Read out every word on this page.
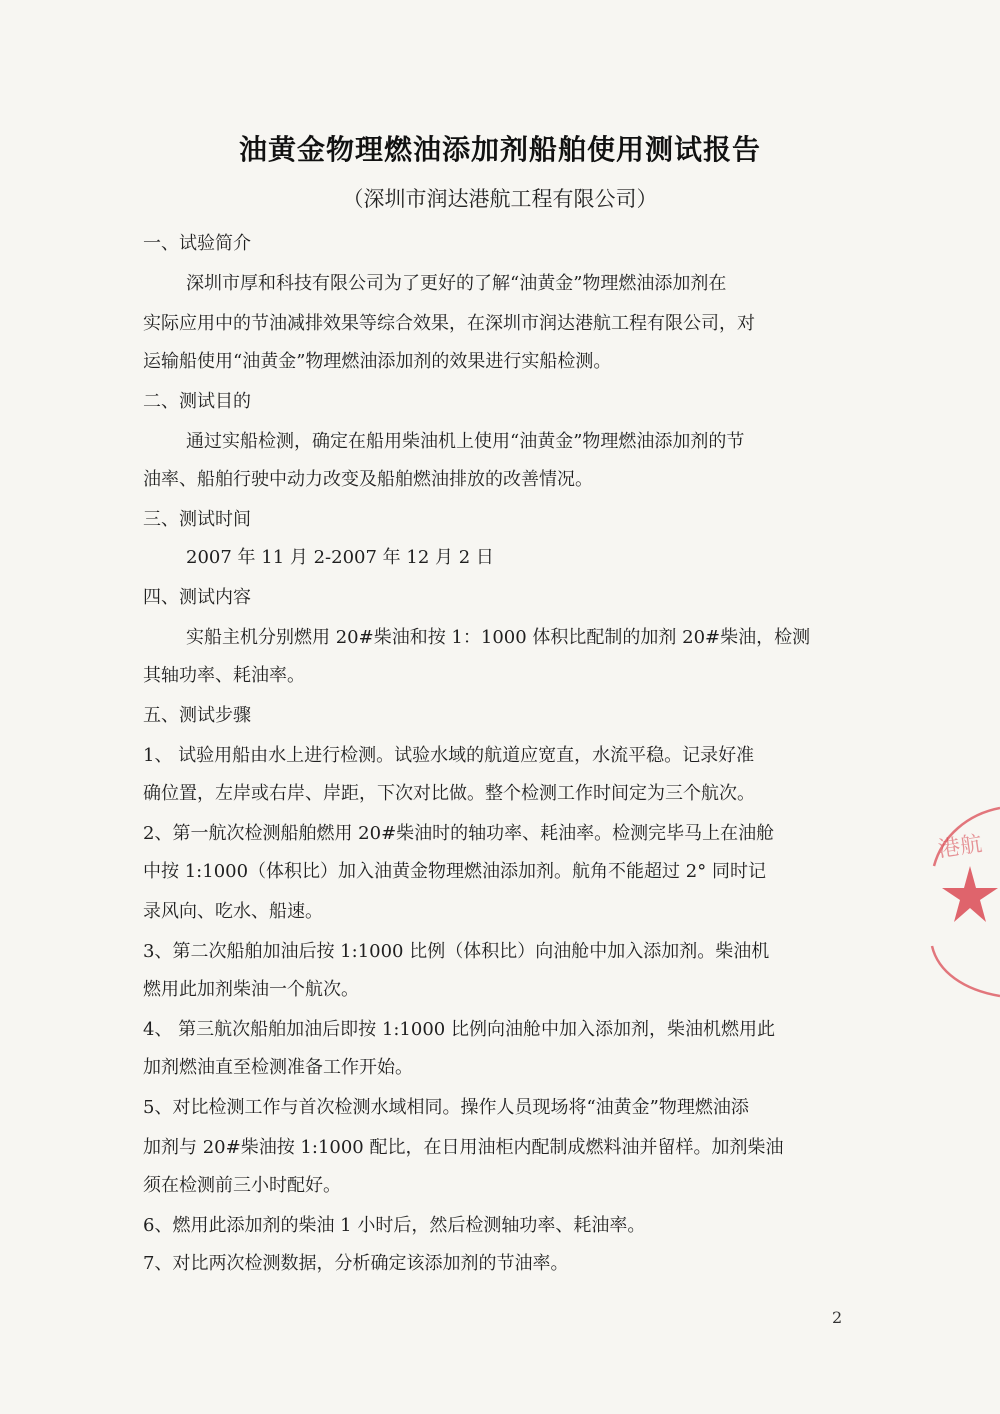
油黄金物理燃油添加剂船舶使用测试报告
（深圳市润达港航工程有限公司）
一、试验简介
深圳市厚和科技有限公司为了更好的了解“油黄金”物理燃油添加剂在
实际应用中的节油减排效果等综合效果，在深圳市润达港航工程有限公司，对
运输船使用“油黄金”物理燃油添加剂的效果进行实船检测。
二、测试目的
通过实船检测，确定在船用柴油机上使用“油黄金”物理燃油添加剂的节
油率、船舶行驶中动力改变及船舶燃油排放的改善情况。
三、测试时间
2007 年 11 月 2-2007 年 12 月 2 日
四、测试内容
实船主机分别燃用 20#柴油和按 1：1000 体积比配制的加剂 20#柴油，检测
其轴功率、耗油率。
五、测试步骤
1、 试验用船由水上进行检测。试验水域的航道应宽直，水流平稳。记录好准
确位置，左岸或右岸、岸距，下次对比做。整个检测工作时间定为三个航次。
2、第一航次检测船舶燃用 20#柴油时的轴功率、耗油率。检测完毕马上在油舱
中按 1:1000（体积比）加入油黄金物理燃油添加剂。航角不能超过 2° 同时记
录风向、吃水、船速。
3、第二次船舶加油后按 1:1000 比例（体积比）向油舱中加入添加剂。柴油机
燃用此加剂柴油一个航次。
4、 第三航次船舶加油后即按 1:1000 比例向油舱中加入添加剂，柴油机燃用此
加剂燃油直至检测准备工作开始。
5、对比检测工作与首次检测水域相同。操作人员现场将“油黄金”物理燃油添
加剂与 20#柴油按 1:1000 配比，在日用油柜内配制成燃料油并留样。加剂柴油
须在检测前三小时配好。
6、燃用此添加剂的柴油 1 小时后，然后检测轴功率、耗油率。
7、对比两次检测数据，分析确定该添加剂的节油率。
2
港航
